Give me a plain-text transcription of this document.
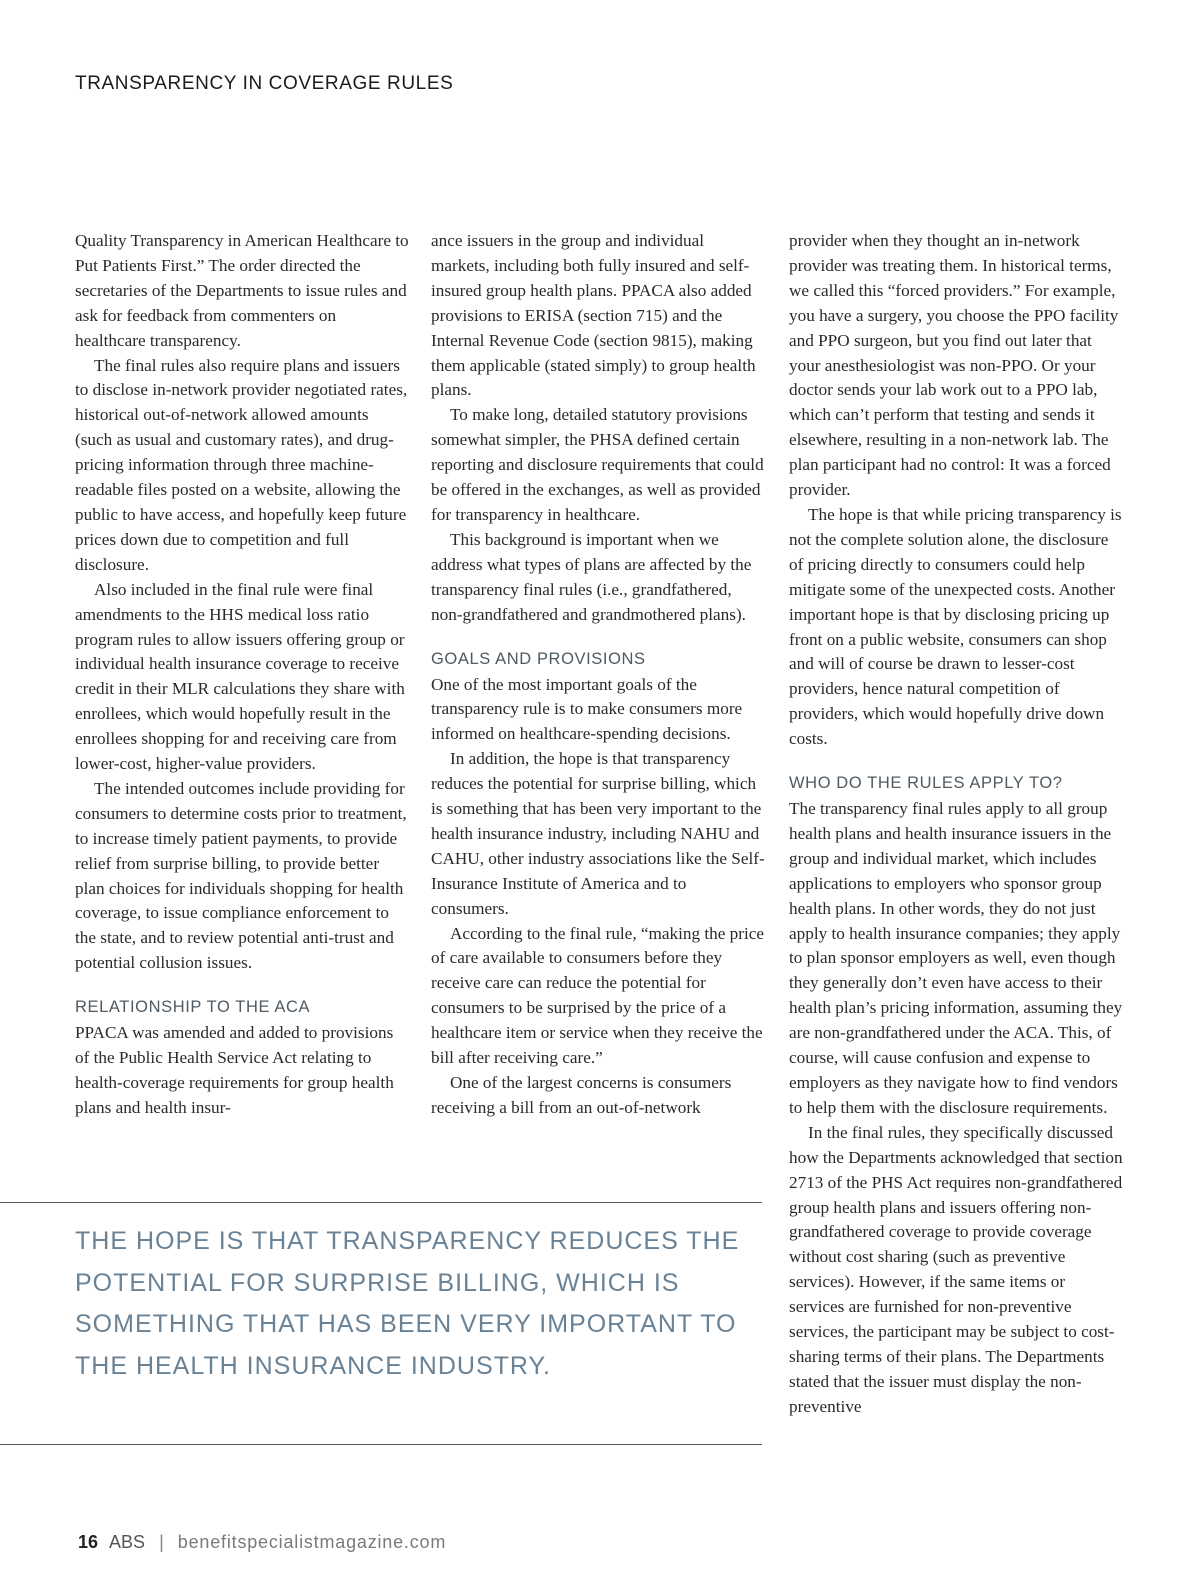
TRANSPARENCY IN COVERAGE RULES

Quality Transparency in American Healthcare to Put Patients First.” The order directed the secretaries of the Departments to issue rules and ask for feedback from commenters on healthcare transparency.

The final rules also require plans and issuers to disclose in-network provider negotiated rates, historical out-of-network allowed amounts (such as usual and customary rates), and drug-pricing information through three machine-readable files posted on a website, allowing the public to have access, and hopefully keep future prices down due to competition and full disclosure.

Also included in the final rule were final amendments to the HHS medical loss ratio program rules to allow issuers offering group or individual health insurance coverage to receive credit in their MLR calculations they share with enrollees, which would hopefully result in the enrollees shopping for and receiving care from lower-cost, higher-value providers.

The intended outcomes include providing for consumers to determine costs prior to treatment, to increase timely patient payments, to provide relief from surprise billing, to provide better plan choices for individuals shopping for health coverage, to issue compliance enforcement to the state, and to review potential anti-trust and potential collusion issues.

RELATIONSHIP TO THE ACA

PPACA was amended and added to provisions of the Public Health Service Act relating to health-coverage requirements for group health plans and health insur-

ance issuers in the group and individual markets, including both fully insured and self-insured group health plans. PPACA also added provisions to ERISA (section 715) and the Internal Revenue Code (section 9815), making them applicable (stated simply) to group health plans.

To make long, detailed statutory provisions somewhat simpler, the PHSA defined certain reporting and disclosure requirements that could be offered in the exchanges, as well as provided for transparency in healthcare.

This background is important when we address what types of plans are affected by the transparency final rules (i.e., grandfathered, non-grandfathered and grandmothered plans).

GOALS AND PROVISIONS

One of the most important goals of the transparency rule is to make consumers more informed on healthcare-spending decisions.

In addition, the hope is that transparency reduces the potential for surprise billing, which is something that has been very important to the health insurance industry, including NAHU and CAHU, other industry associations like the Self-Insurance Institute of America and to consumers.

According to the final rule, “making the price of care available to consumers before they receive care can reduce the potential for consumers to be surprised by the price of a healthcare item or service when they receive the bill after receiving care.”

One of the largest concerns is consumers receiving a bill from an out-of-network

provider when they thought an in-network provider was treating them. In historical terms, we called this “forced providers.” For example, you have a surgery, you choose the PPO facility and PPO surgeon, but you find out later that your anesthesiologist was non-PPO. Or your doctor sends your lab work out to a PPO lab, which can’t perform that testing and sends it elsewhere, resulting in a non-network lab. The plan participant had no control: It was a forced provider.

The hope is that while pricing transparency is not the complete solution alone, the disclosure of pricing directly to consumers could help mitigate some of the unexpected costs. Another important hope is that by disclosing pricing up front on a public website, consumers can shop and will of course be drawn to lesser-cost providers, hence natural competition of providers, which would hopefully drive down costs.

WHO DO THE RULES APPLY TO?

The transparency final rules apply to all group health plans and health insurance issuers in the group and individual market, which includes applications to employers who sponsor group health plans. In other words, they do not just apply to health insurance companies; they apply to plan sponsor employers as well, even though they generally don’t even have access to their health plan’s pricing information, assuming they are non-grandfathered under the ACA. This, of course, will cause confusion and expense to employers as they navigate how to find vendors to help them with the disclosure requirements.

In the final rules, they specifically discussed how the Departments acknowledged that section 2713 of the PHS Act requires non-grandfathered group health plans and issuers offering non-grandfathered coverage to provide coverage without cost sharing (such as preventive services). However, if the same items or services are furnished for non-preventive services, the participant may be subject to cost-sharing terms of their plans. The Departments stated that the issuer must display the non-preventive

THE HOPE IS THAT TRANSPARENCY REDUCES THE POTENTIAL FOR SURPRISE BILLING, WHICH IS SOMETHING THAT HAS BEEN VERY IMPORTANT TO THE HEALTH INSURANCE INDUSTRY.
16 ABS | benefitspecialistmagazine.com
